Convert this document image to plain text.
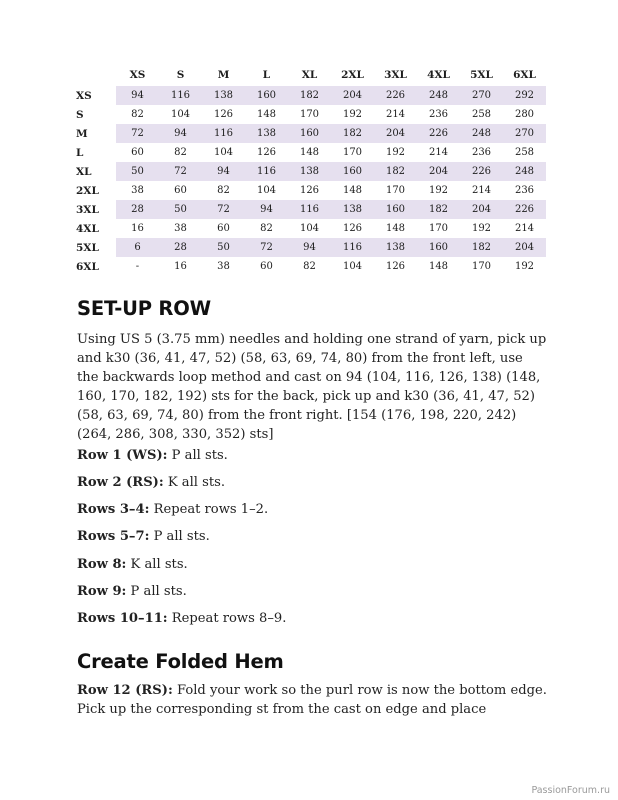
	XS	S	M	L	XL	2XL	3XL	4XL	5XL	6XL
XS	94	116	138	160	182	204	226	248	270	292
S	82	104	126	148	170	192	214	236	258	280
M	72	94	116	138	160	182	204	226	248	270
L	60	82	104	126	148	170	192	214	236	258
XL	50	72	94	116	138	160	182	204	226	248
2XL	38	60	82	104	126	148	170	192	214	236
3XL	28	50	72	94	116	138	160	182	204	226
4XL	16	38	60	82	104	126	148	170	192	214
5XL	6	28	50	72	94	116	138	160	182	204
6XL	-	16	38	60	82	104	126	148	170	192
SET-UP ROW

Using US 5 (3.75 mm) needles and holding one strand of yarn, pick up and k30 (36, 41, 47, 52) (58, 63, 69, 74, 80) from the front left, use the backwards loop method and cast on 94 (104, 116, 126, 138) (148, 160, 170, 182, 192) sts for the back, pick up and k30 (36, 41, 47, 52) (58, 63, 69, 74, 80) from the front right. [154 (176, 198, 220, 242) (264, 286, 308, 330, 352) sts]

Row 1 (WS): P all sts.

Row 2 (RS): K all sts.

Rows 3–4: Repeat rows 1–2.

Rows 5–7: P all sts.

Row 8: K all sts.

Row 9: P all sts.

Rows 10–11: Repeat rows 8–9.

Create Folded Hem

Row 12 (RS): Fold your work so the purl row is now the bottom edge. Pick up the corresponding st from the cast on edge and place

PassionForum.ru
